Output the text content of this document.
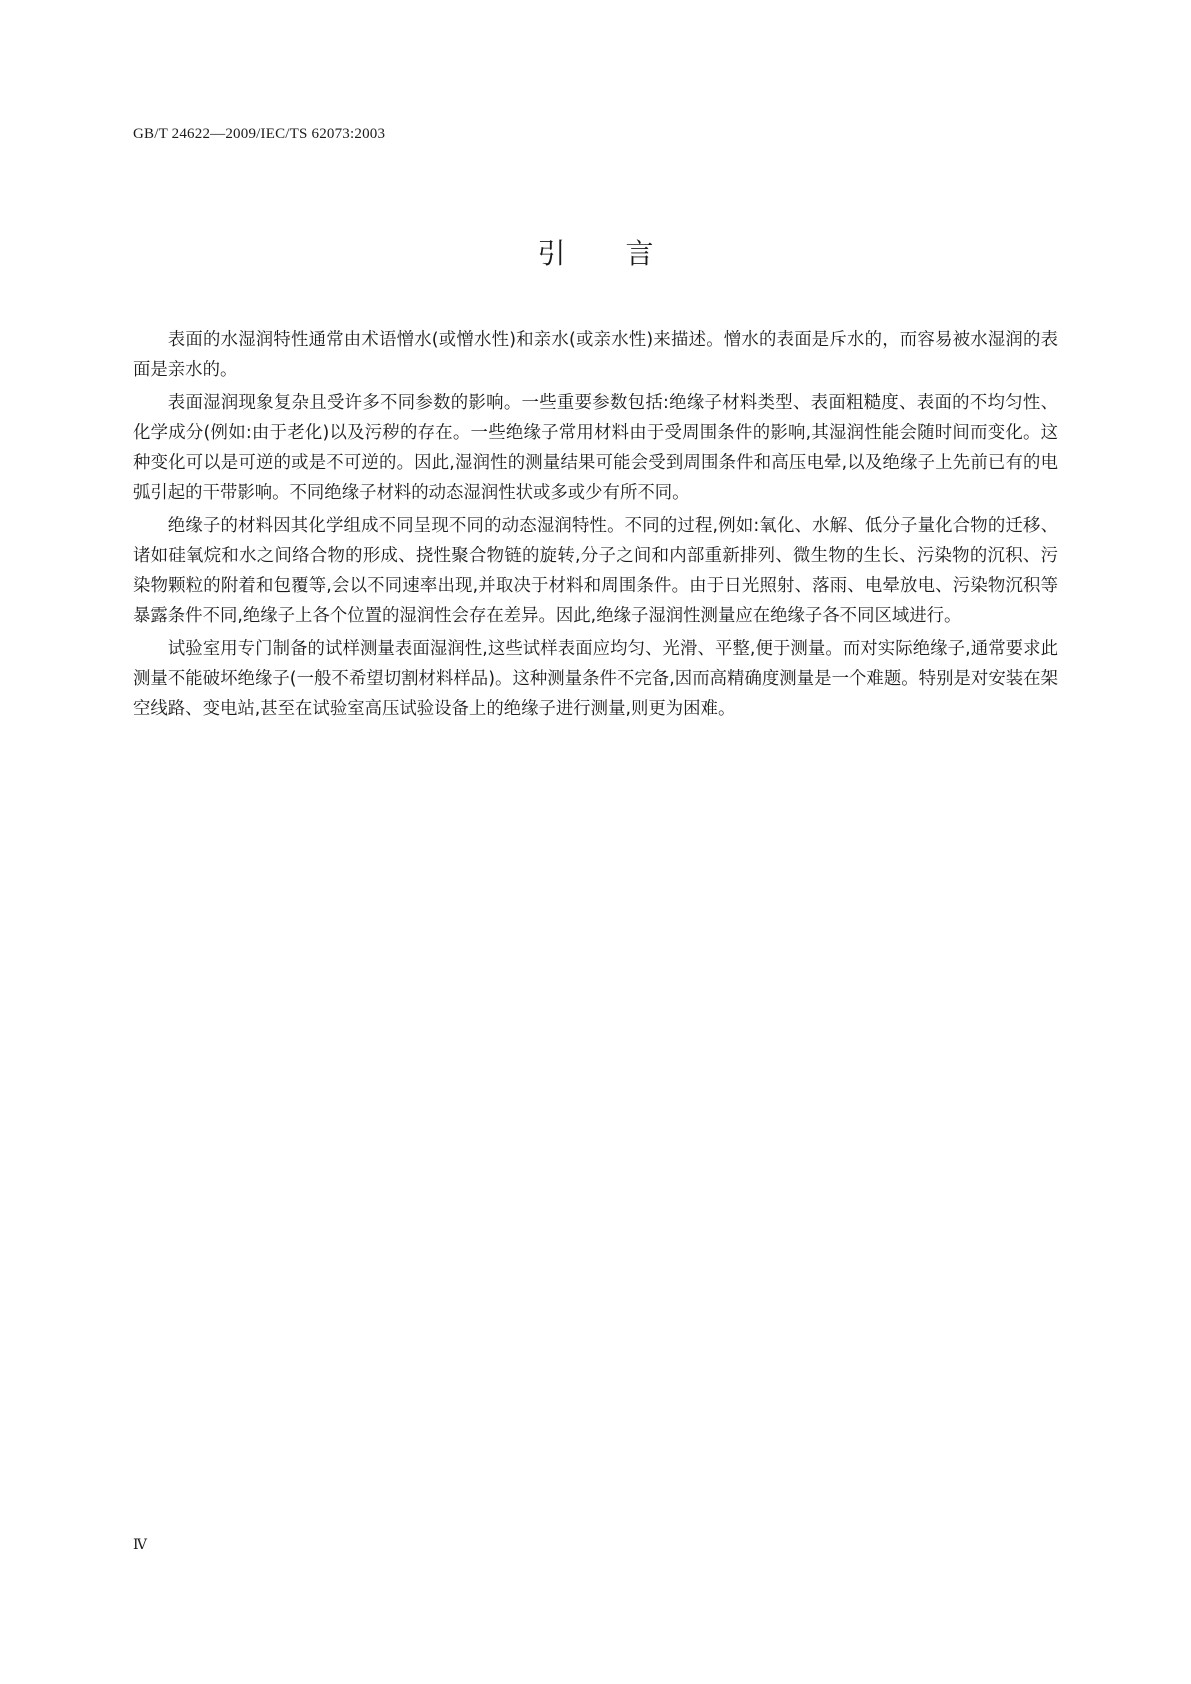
GB/T 24622—2009/IEC/TS 62073:2003
引言

表面的水湿润特性通常由术语憎水(或憎水性)和亲水(或亲水性)来描述。憎水的表面是斥水的，而容易被水湿润的表面是亲水的。

表面湿润现象复杂且受许多不同参数的影响。一些重要参数包括:绝缘子材料类型、表面粗糙度、表面的不均匀性、化学成分(例如:由于老化)以及污秽的存在。一些绝缘子常用材料由于受周围条件的影响,其湿润性能会随时间而变化。这种变化可以是可逆的或是不可逆的。因此,湿润性的测量结果可能会受到周围条件和高压电晕,以及绝缘子上先前已有的电弧引起的干带影响。不同绝缘子材料的动态湿润性状或多或少有所不同。

绝缘子的材料因其化学组成不同呈现不同的动态湿润特性。不同的过程,例如:氧化、水解、低分子量化合物的迁移、诸如硅氧烷和水之间络合物的形成、挠性聚合物链的旋转,分子之间和内部重新排列、微生物的生长、污染物的沉积、污染物颗粒的附着和包覆等,会以不同速率出现,并取决于材料和周围条件。由于日光照射、落雨、电晕放电、污染物沉积等暴露条件不同,绝缘子上各个位置的湿润性会存在差异。因此,绝缘子湿润性测量应在绝缘子各不同区域进行。

试验室用专门制备的试样测量表面湿润性,这些试样表面应均匀、光滑、平整,便于测量。而对实际绝缘子,通常要求此测量不能破坏绝缘子(一般不希望切割材料样品)。这种测量条件不完备,因而高精确度测量是一个难题。特别是对安装在架空线路、变电站,甚至在试验室高压试验设备上的绝缘子进行测量,则更为困难。

Ⅳ
